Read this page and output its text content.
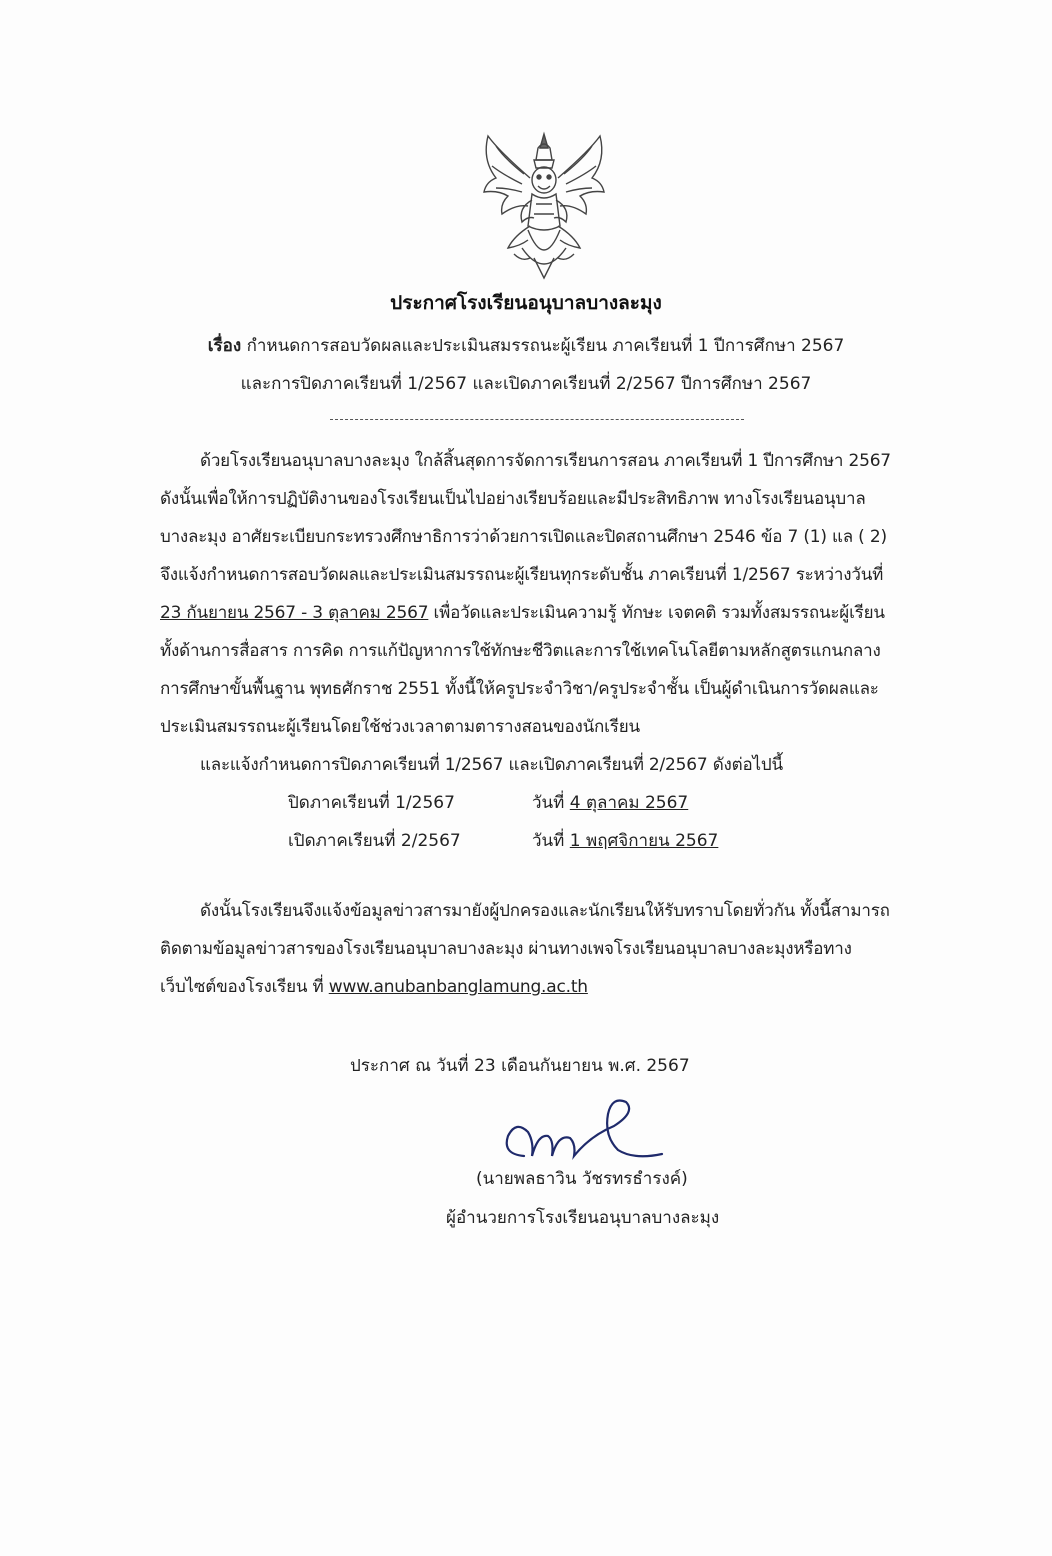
ประกาศโรงเรียนอนุบาลบางละมุง
เรื่อง กำหนดการสอบวัดผลและประเมินสมรรถนะผู้เรียน ภาคเรียนที่ 1 ปีการศึกษา 2567
และการปิดภาคเรียนที่ 1/2567 และเปิดภาคเรียนที่ 2/2567 ปีการศึกษา 2567
ด้วยโรงเรียนอนุบาลบางละมุง ใกล้สิ้นสุดการจัดการเรียนการสอน ภาคเรียนที่ 1 ปีการศึกษา 2567
ดังนั้นเพื่อให้การปฏิบัติงานของโรงเรียนเป็นไปอย่างเรียบร้อยและมีประสิทธิภาพ ทางโรงเรียนอนุบาล
บางละมุง อาศัยระเบียบกระทรวงศึกษาธิการว่าด้วยการเปิดและปิดสถานศึกษา 2546 ข้อ 7 (1) แล ( 2)
จึงแจ้งกำหนดการสอบวัดผลและประเมินสมรรถนะผู้เรียนทุกระดับชั้น ภาคเรียนที่ 1/2567 ระหว่างวันที่
23 กันยายน 2567 - 3 ตุลาคม 2567 เพื่อวัดและประเมินความรู้ ทักษะ เจตคติ รวมทั้งสมรรถนะผู้เรียน
ทั้งด้านการสื่อสาร การคิด การแก้ปัญหาการใช้ทักษะชีวิตและการใช้เทคโนโลยีตามหลักสูตรแกนกลาง
การศึกษาขั้นพื้นฐาน พุทธศักราช 2551 ทั้งนี้ให้ครูประจำวิชา/ครูประจำชั้น เป็นผู้ดำเนินการวัดผลและ
ประเมินสมรรถนะผู้เรียนโดยใช้ช่วงเวลาตามตารางสอนของนักเรียน
และแจ้งกำหนดการปิดภาคเรียนที่ 1/2567 และเปิดภาคเรียนที่ 2/2567 ดังต่อไปนี้
ปิดภาคเรียนที่ 1/2567	วันที่ 4 ตุลาคม 2567
เปิดภาคเรียนที่ 2/2567	วันที่ 1 พฤศจิกายน 2567
ดังนั้นโรงเรียนจึงแจ้งข้อมูลข่าวสารมายังผู้ปกครองและนักเรียนให้รับทราบโดยทั่วกัน ทั้งนี้สามารถ
ติดตามข้อมูลข่าวสารของโรงเรียนอนุบาลบางละมุง ผ่านทางเพจโรงเรียนอนุบาลบางละมุงหรือทาง
เว็บไซต์ของโรงเรียน ที่ www.anubanbanglamung.ac.th
ประกาศ ณ วันที่ 23 เดือนกันยายน พ.ศ. 2567
(นายพลธาวิน วัชรทรธำรงค์)
ผู้อำนวยการโรงเรียนอนุบาลบางละมุง
